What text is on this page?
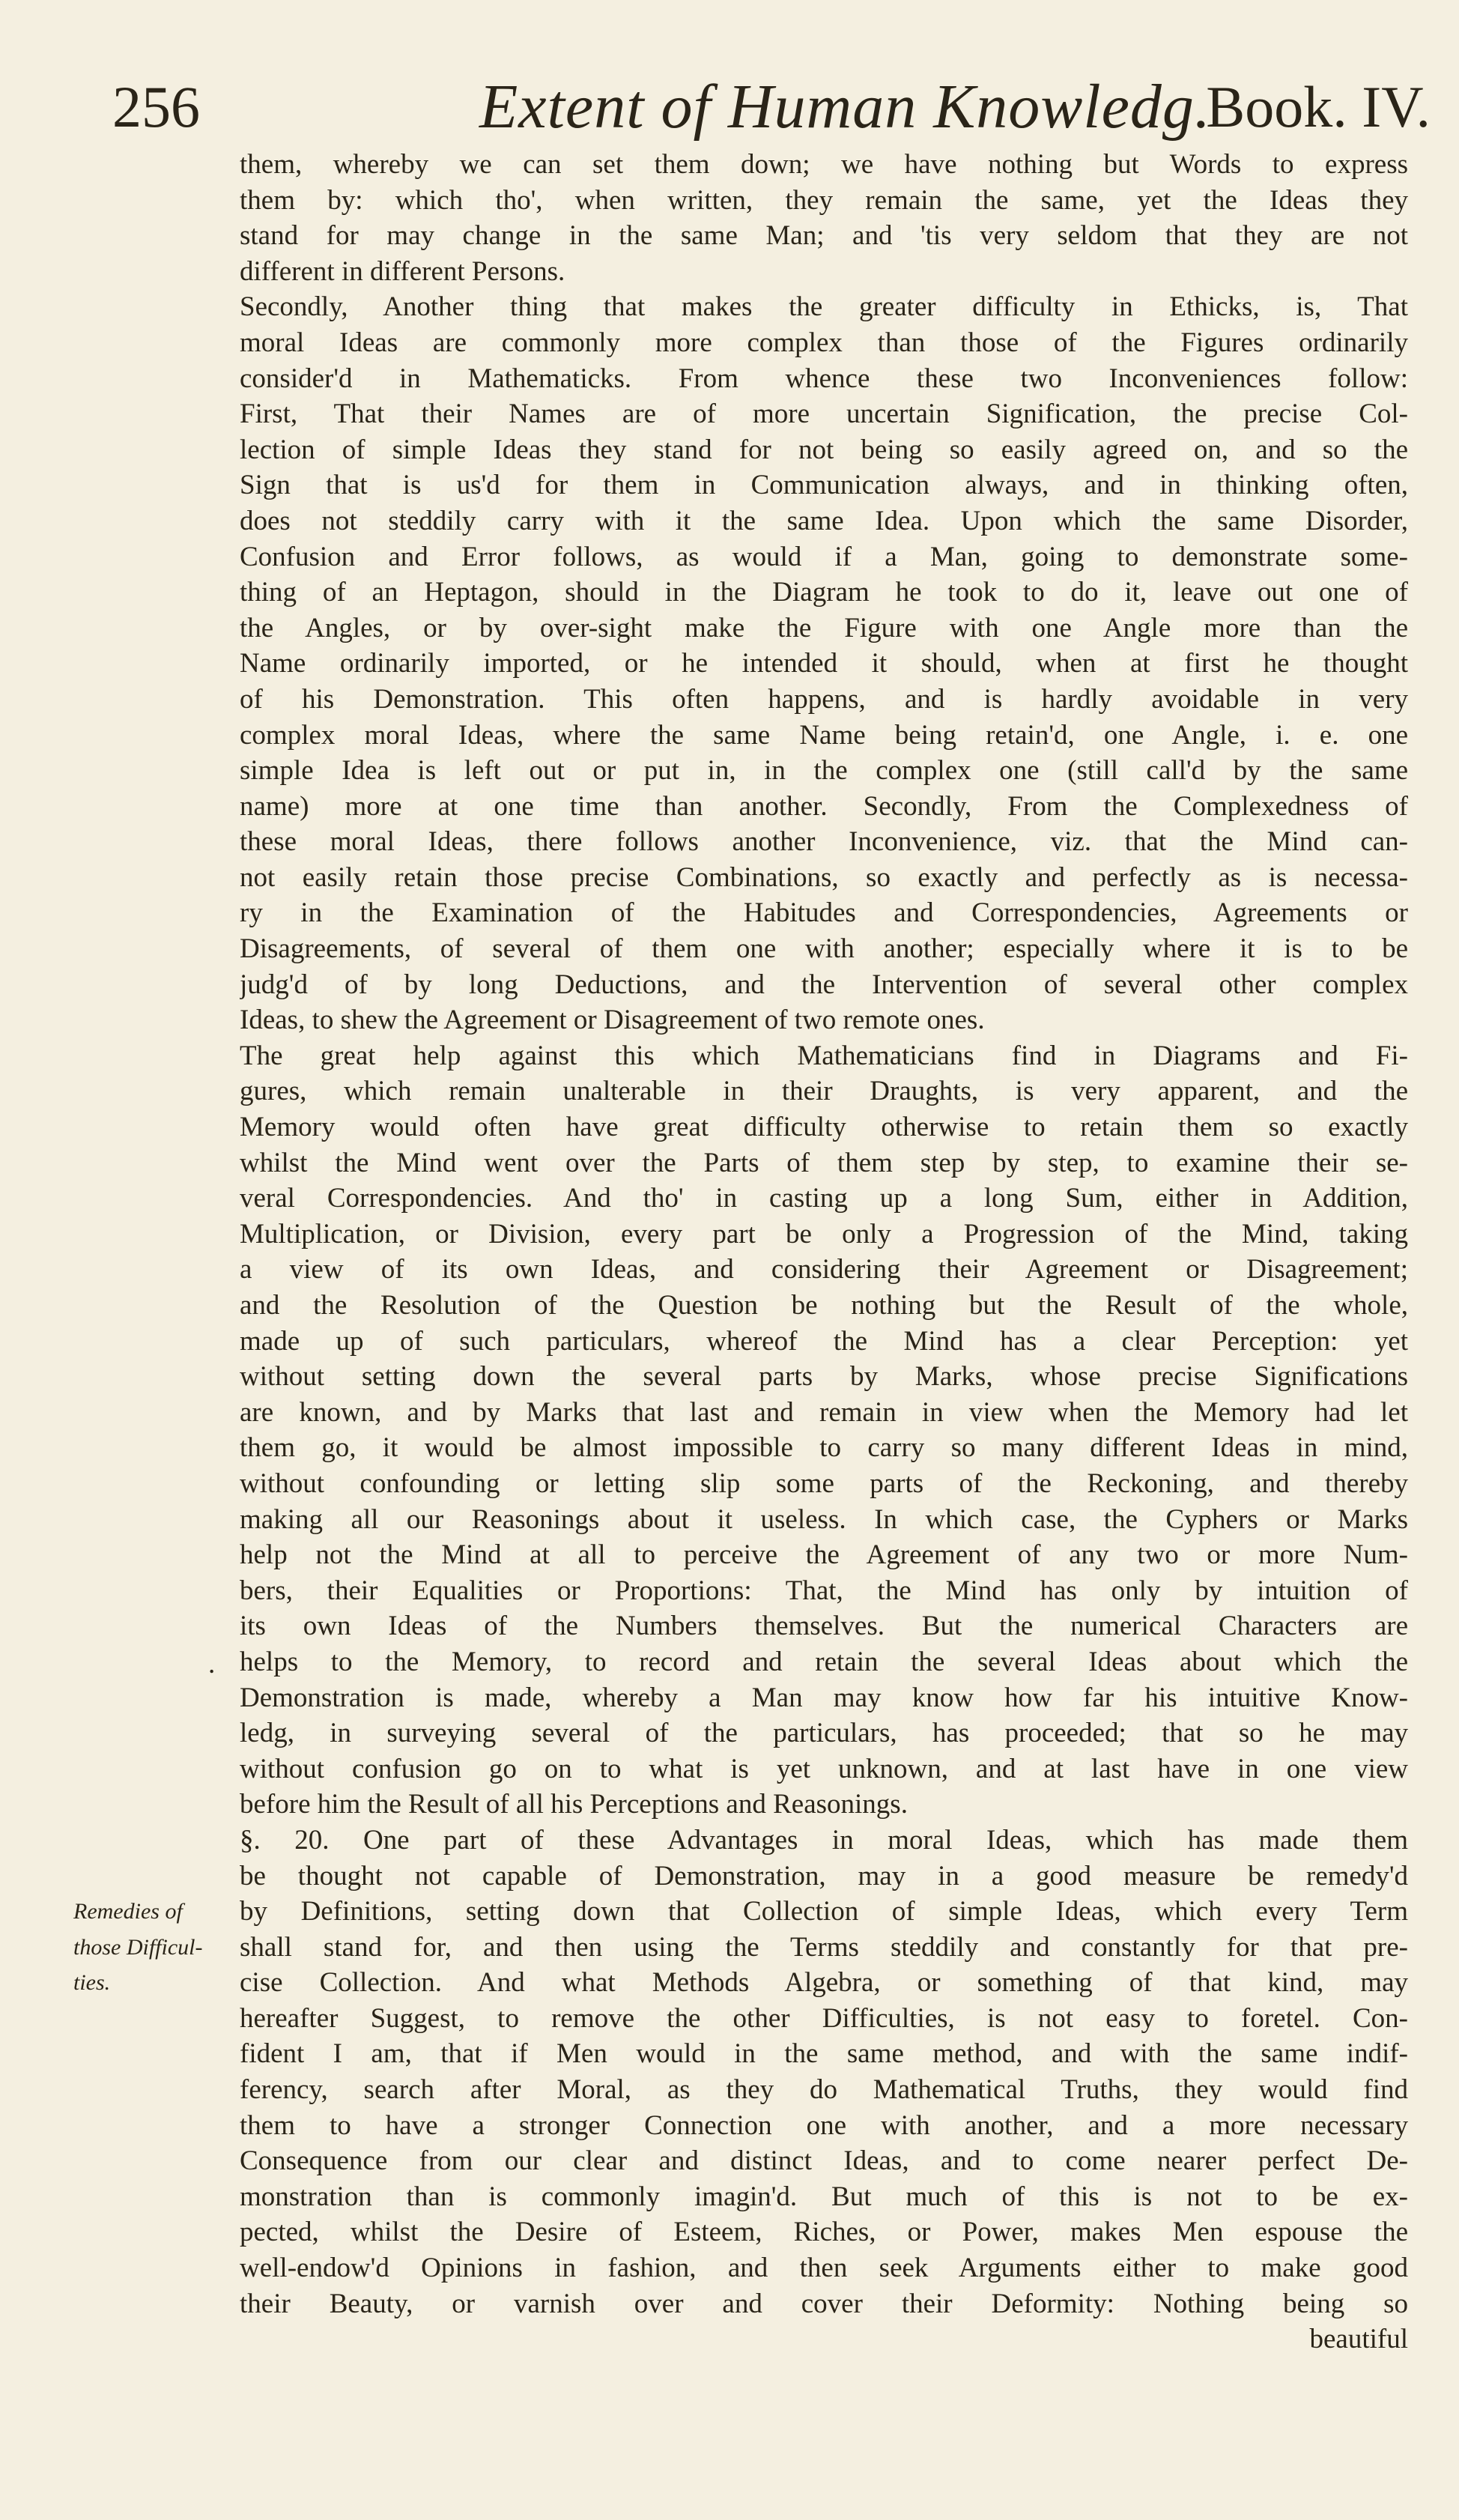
256	Extent of Human Knowledg.
Book. IV.
Remedies of
those Difficul-
ties.
.
them, whereby we can set them down; we have nothing but Words to express
them by: which tho', when written, they remain the same, yet the Ideas they
stand for may change in the same Man; and 'tis very seldom that they are not
different in different Persons.
Secondly, Another thing that makes the greater difficulty in Ethicks, is, That
moral Ideas are commonly more complex than those of the Figures ordinarily
consider'd in Mathematicks. From whence these two Inconveniences follow:
First, That their Names are of more uncertain Signification, the precise Col-
lection of simple Ideas they stand for not being so easily agreed on, and so the
Sign that is us'd for them in Communication always, and in thinking often,
does not steddily carry with it the same Idea. Upon which the same Disorder,
Confusion and Error follows, as would if a Man, going to demonstrate some-
thing of an Heptagon, should in the Diagram he took to do it, leave out one of
the Angles, or by over-sight make the Figure with one Angle more than the
Name ordinarily imported, or he intended it should, when at first he thought
of his Demonstration. This often happens, and is hardly avoidable in very
complex moral Ideas, where the same Name being retain'd, one Angle, i. e. one
simple Idea is left out or put in, in the complex one (still call'd by the same
name) more at one time than another. Secondly, From the Complexedness of
these moral Ideas, there follows another Inconvenience, viz. that the Mind can-
not easily retain those precise Combinations, so exactly and perfectly as is necessa-
ry in the Examination of the Habitudes and Correspondencies, Agreements or
Disagreements, of several of them one with another; especially where it is to be
judg'd of by long Deductions, and the Intervention of several other complex
Ideas, to shew the Agreement or Disagreement of two remote ones.
The great help against this which Mathematicians find in Diagrams and Fi-
gures, which remain unalterable in their Draughts, is very apparent, and the
Memory would often have great difficulty otherwise to retain them so exactly
whilst the Mind went over the Parts of them step by step, to examine their se-
veral Correspondencies. And tho' in casting up a long Sum, either in Addition,
Multiplication, or Division, every part be only a Progression of the Mind, taking
a view of its own Ideas, and considering their Agreement or Disagreement;
and the Resolution of the Question be nothing but the Result of the whole,
made up of such particulars, whereof the Mind has a clear Perception: yet
without setting down the several parts by Marks, whose precise Significations
are known, and by Marks that last and remain in view when the Memory had let
them go, it would be almost impossible to carry so many different Ideas in mind,
without confounding or letting slip some parts of the Reckoning, and thereby
making all our Reasonings about it useless. In which case, the Cyphers or Marks
help not the Mind at all to perceive the Agreement of any two or more Num-
bers, their Equalities or Proportions: That, the Mind has only by intuition of
its own Ideas of the Numbers themselves. But the numerical Characters are
helps to the Memory, to record and retain the several Ideas about which the
Demonstration is made, whereby a Man may know how far his intuitive Know-
ledg, in surveying several of the particulars, has proceeded; that so he may
without confusion go on to what is yet unknown, and at last have in one view
before him the Result of all his Perceptions and Reasonings.
§. 20. One part of these Advantages in moral Ideas, which has made them
be thought not capable of Demonstration, may in a good measure be remedy'd
by Definitions, setting down that Collection of simple Ideas, which every Term
shall stand for, and then using the Terms steddily and constantly for that pre-
cise Collection. And what Methods Algebra, or something of that kind, may
hereafter Suggest, to remove the other Difficulties, is not easy to foretel. Con-
fident I am, that if Men would in the same method, and with the same indif-
ferency, search after Moral, as they do Mathematical Truths, they would find
them to have a stronger Connection one with another, and a more necessary
Consequence from our clear and distinct Ideas, and to come nearer perfect De-
monstration than is commonly imagin'd. But much of this is not to be ex-
pected, whilst the Desire of Esteem, Riches, or Power, makes Men espouse the
well-endow'd Opinions in fashion, and then seek Arguments either to make good
their Beauty, or varnish over and cover their Deformity: Nothing being so
beautiful
